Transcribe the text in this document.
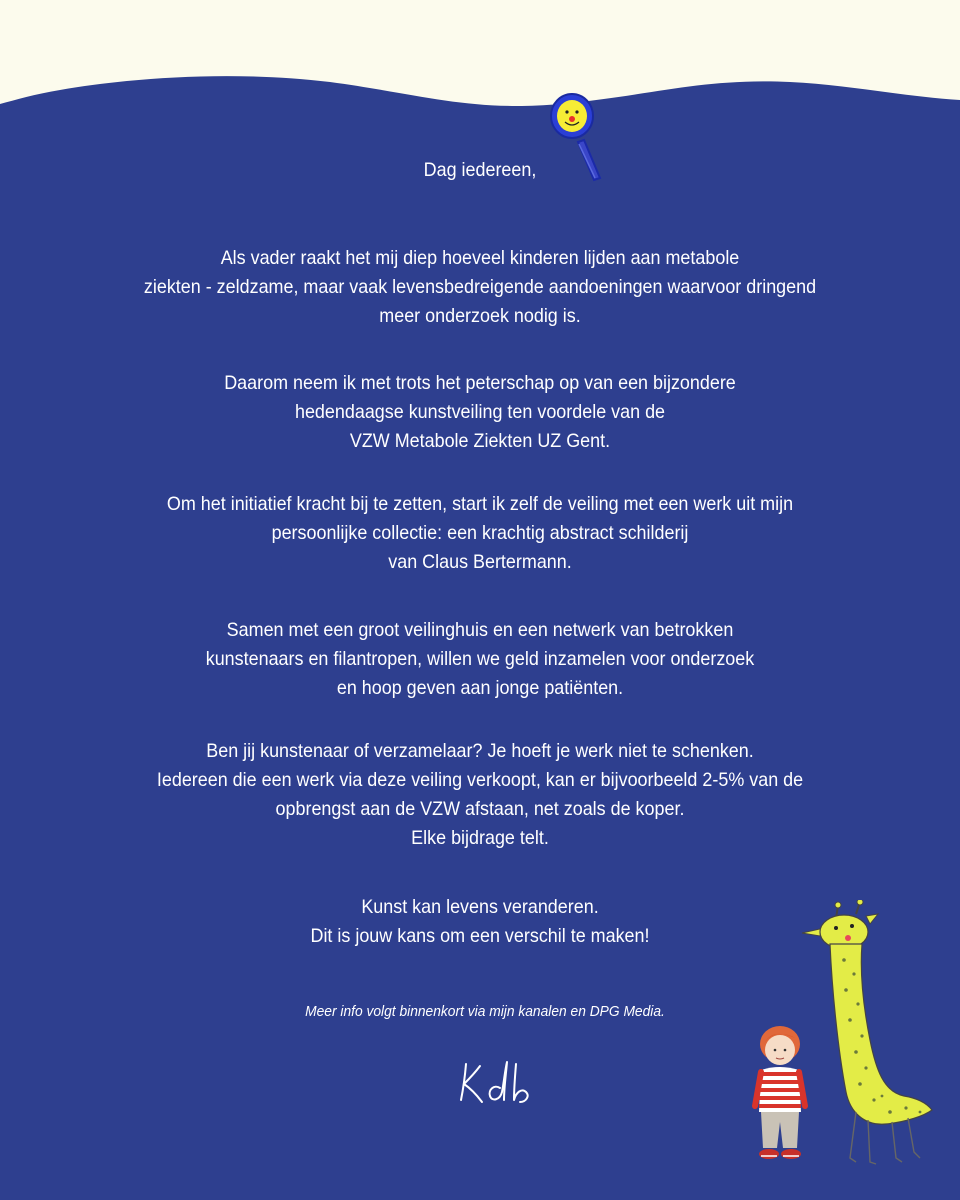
Dag iedereen,
Als vader raakt het mij diep hoeveel kinderen lijden aan metabole
ziekten - zeldzame, maar vaak levensbedreigende aandoeningen waarvoor dringend
meer onderzoek nodig is.
Daarom neem ik met trots het peterschap op van een bijzondere
hedendaagse kunstveiling ten voordele van de
VZW Metabole Ziekten UZ Gent.
Om het initiatief kracht bij te zetten, start ik zelf de veiling met een werk uit mijn
persoonlijke collectie: een krachtig abstract schilderij
van Claus Bertermann.
Samen met een groot veilinghuis en een netwerk van betrokken
kunstenaars en filantropen, willen we geld inzamelen voor onderzoek
en hoop geven aan jonge patiënten.
Ben jij kunstenaar of verzamelaar? Je hoeft je werk niet te schenken.
Iedereen die een werk via deze veiling verkoopt, kan er bijvoorbeeld 2-5% van de
opbrengst aan de VZW afstaan, net zoals de koper.
Elke bijdrage telt.
Kunst kan levens veranderen.
Dit is jouw kans om een verschil te maken!
Meer info volgt binnenkort via mijn kanalen en DPG Media.
